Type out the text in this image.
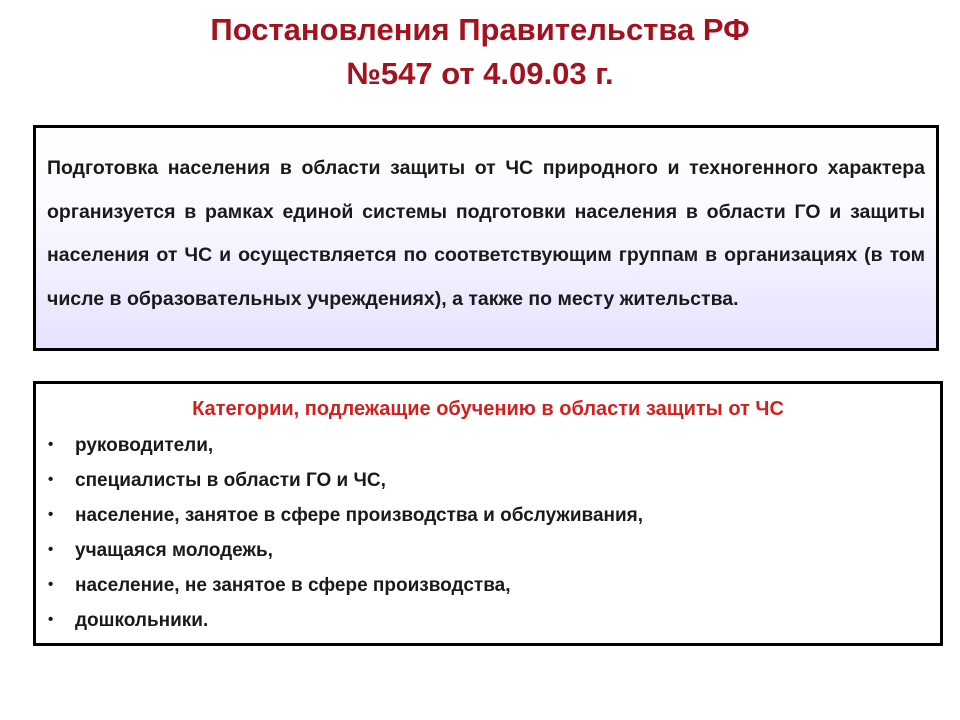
Постановления Правительства РФ
№547 от 4.09.03 г.

Подготовка населения в области защиты от ЧС природного и техногенного характера организуется в рамках единой системы подготовки населения в области ГО и защиты населения от ЧС и осуществляется по соответствующим группам в организациях (в том числе в образовательных учреждениях), а также по месту жительства.

Категории, подлежащие обучению в области защиты от ЧС
• руководители,
• специалисты в области ГО и ЧС,
• население, занятое в сфере производства и обслуживания,
• учащаяся молодежь,
• население, не занятое в сфере производства,
• дошкольники.
